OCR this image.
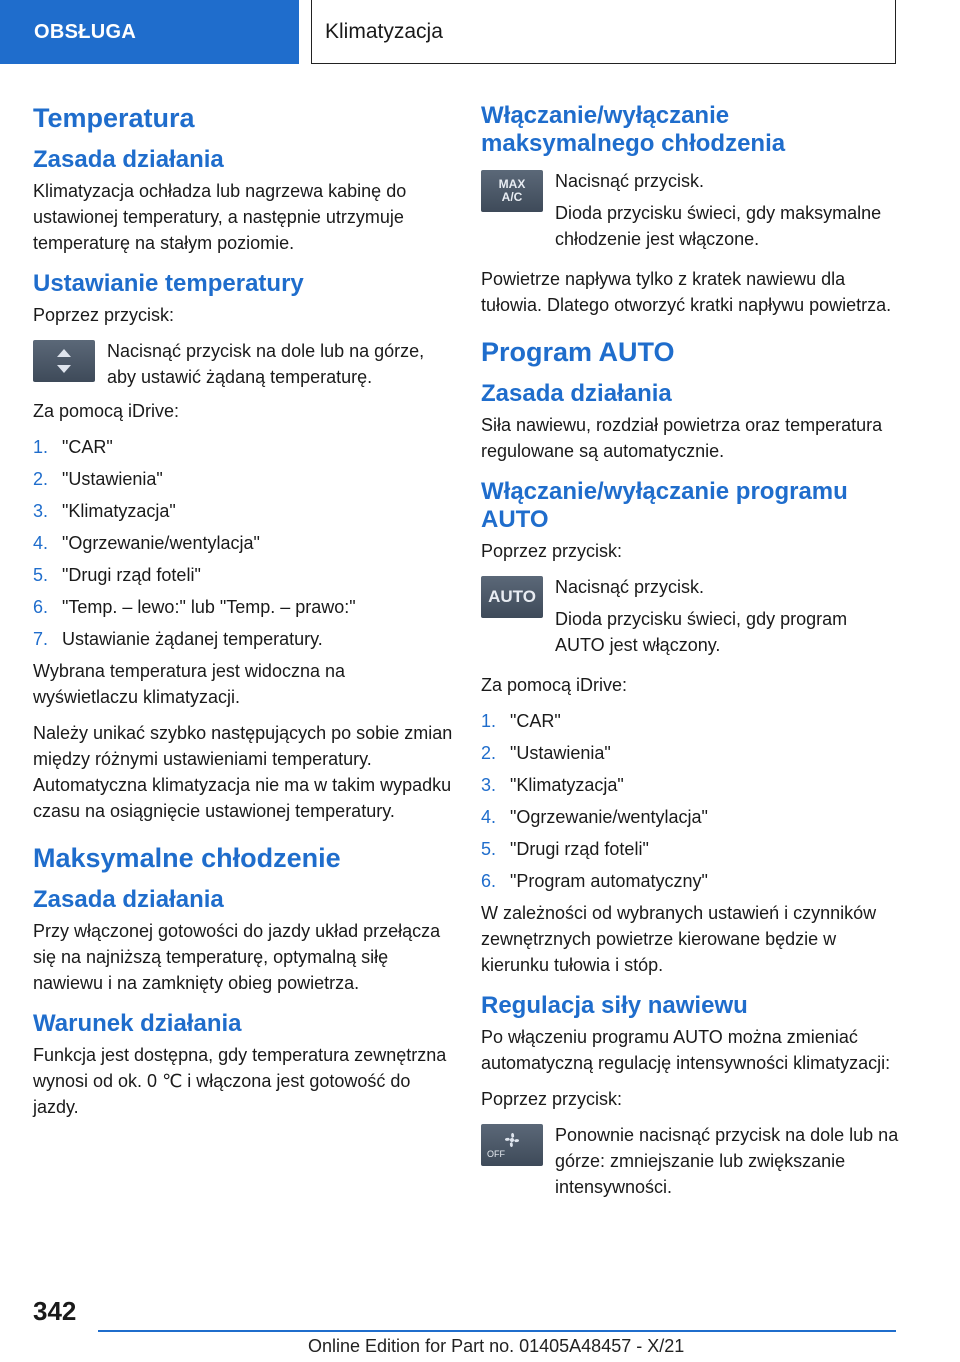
OBSŁUGA	Klimatyzacja
Temperatura
Zasada działania

Klimatyzacja ochładza lub nagrzewa kabinę do ustawionej temperatury, a następnie utrzymuje temperaturę na stałym poziomie.

Ustawianie temperatury

Poprzez przycisk:

Nacisnąć przycisk na dole lub na górze, aby ustawić żądaną temperaturę.

Za pomocą iDrive:

1. "CAR"
2. "Ustawienia"
3. "Klimatyzacja"
4. "Ogrzewanie/wentylacja"
5. "Drugi rząd foteli"
6. "Temp. – lewo:" lub "Temp. – prawo:"
7. Ustawianie żądanej temperatury.

Wybrana temperatura jest widoczna na wyświetlaczu klimatyzacji.

Należy unikać szybko następujących po sobie zmian między różnymi ustawieniami temperatury. Automatyczna klimatyzacja nie ma w takim wypadku czasu na osiągnięcie ustawionej temperatury.

Maksymalne chłodzenie
Zasada działania

Przy włączonej gotowości do jazdy układ przełącza się na najniższą temperaturę, optymalną siłę nawiewu i na zamknięty obieg powietrza.

Warunek działania

Funkcja jest dostępna, gdy temperatura zewnętrzna wynosi od ok. 0 ℃ i włączona jest gotowość do jazdy.

Włączanie/wyłączanie maksymalnego chłodzenia
MAX A/C
Nacisnąć przycisk.
Dioda przycisku świeci, gdy maksymalne chłodzenie jest włączone.

Powietrze napływa tylko z kratek nawiewu dla tułowia. Dlatego otworzyć kratki napływu powietrza.

Program AUTO
Zasada działania

Siła nawiewu, rozdział powietrza oraz temperatura regulowane są automatycznie.

Włączanie/wyłączanie programu AUTO

Poprzez przycisk:

AUTO Nacisnąć przycisk.
Dioda przycisku świeci, gdy program AUTO jest włączony.

Za pomocą iDrive:

1. "CAR"
2. "Ustawienia"
3. "Klimatyzacja"
4. "Ogrzewanie/wentylacja"
5. "Drugi rząd foteli"
6. "Program automatyczny"

W zależności od wybranych ustawień i czynników zewnętrznych powietrze kierowane będzie w kierunku tułowia i stóp.

Regulacja siły nawiewu

Po włączeniu programu AUTO można zmieniać automatyczną regulację intensywności klimatyzacji:

Poprzez przycisk:

OFF
Ponownie nacisnąć przycisk na dole lub na górze: zmniejszanie lub zwiększanie intensywności.
342
Online Edition for Part no. 01405A48457 - X/21
